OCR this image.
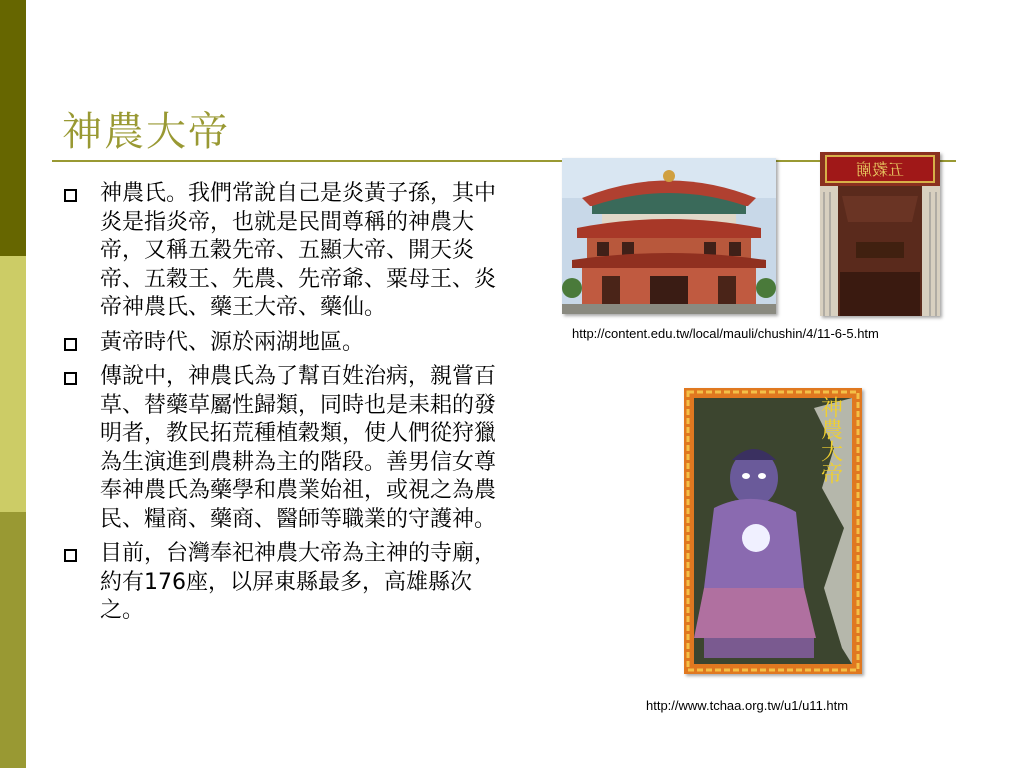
神農大帝
神農氏。我們常說自己是炎黃子孫，其中炎是指炎帝，也就是民間尊稱的神農大帝，又稱五穀先帝、五顯大帝、開天炎帝、五穀王、先農、先帝爺、粟母王、炎帝神農氏、藥王大帝、藥仙。
黃帝時代、源於兩湖地區。
傳說中，神農氏為了幫百姓治病，親嘗百草、替藥草屬性歸類，同時也是耒耜的發明者，教民拓荒種植穀類，使人們從狩獵為生演進到農耕為主的階段。善男信女尊奉神農氏為藥學和農業始祖，或視之為農民、糧商、藥商、醫師等職業的守護神。
目前，台灣奉祀神農大帝為主神的寺廟，約有176座，以屏東縣最多，高雄縣次之。
五穀廟
http://content.edu.tw/local/mauli/chushin/4/11-6-5.htm
神農大帝
http://www.tchaa.org.tw/u1/u11.htm
